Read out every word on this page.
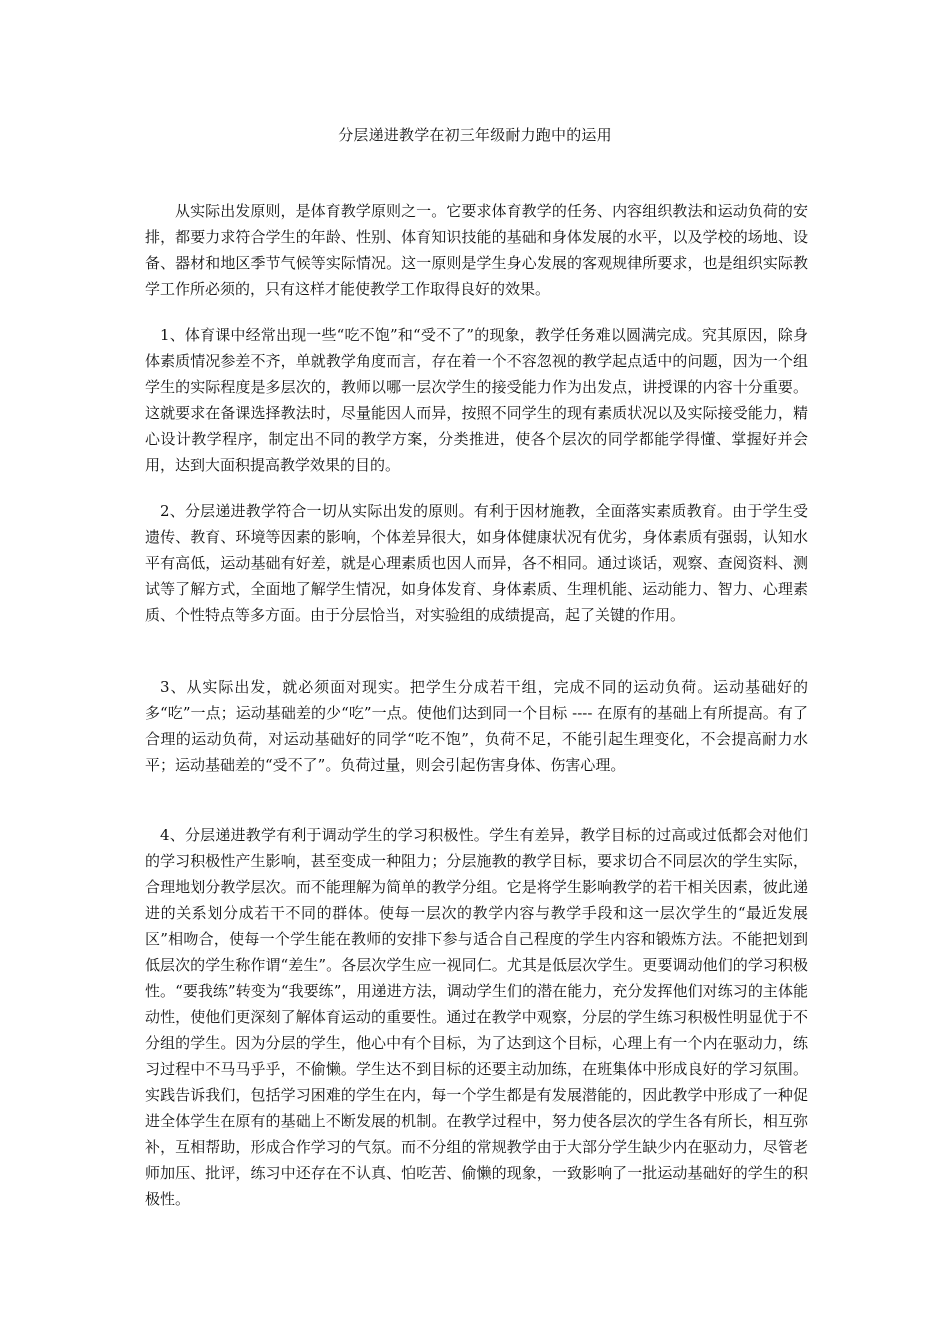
分层递进教学在初三年级耐力跑中的运用

从实际出发原则，是体育教学原则之一。它要求体育教学的任务、内容组织教法和运动负荷的安排，都要力求符合学生的年龄、性别、体育知识技能的基础和身体发展的水平，以及学校的场地、设备、器材和地区季节气候等实际情况。这一原则是学生身心发展的客观规律所要求，也是组织实际教学工作所必须的，只有这样才能使教学工作取得良好的效果。

1、体育课中经常出现一些“吃不饱”和“受不了”的现象，教学任务难以圆满完成。究其原因，除身体素质情况参差不齐，单就教学角度而言，存在着一个不容忽视的教学起点适中的问题，因为一个组学生的实际程度是多层次的，教师以哪一层次学生的接受能力作为出发点，讲授课的内容十分重要。这就要求在备课选择教法时，尽量能因人而异，按照不同学生的现有素质状况以及实际接受能力，精心设计教学程序，制定出不同的教学方案，分类推进，使各个层次的同学都能学得懂、掌握好并会用，达到大面积提高教学效果的目的。

2、分层递进教学符合一切从实际出发的原则。有利于因材施教，全面落实素质教育。由于学生受遗传、教育、环境等因素的影响，个体差异很大，如身体健康状况有优劣，身体素质有强弱，认知水平有高低，运动基础有好差，就是心理素质也因人而异，各不相同。通过谈话，观察、查阅资料、测试等了解方式，全面地了解学生情况，如身体发育、身体素质、生理机能、运动能力、智力、心理素质、个性特点等多方面。由于分层恰当，对实验组的成绩提高，起了关键的作用。

3、从实际出发，就必须面对现实。把学生分成若干组，完成不同的运动负荷。运动基础好的多“吃”一点；运动基础差的少“吃”一点。使他们达到同一个目标 ---- 在原有的基础上有所提高。有了合理的运动负荷，对运动基础好的同学“吃不饱”，负荷不足，不能引起生理变化，不会提高耐力水平；运动基础差的“受不了”。负荷过量，则会引起伤害身体、伤害心理。

4、分层递进教学有利于调动学生的学习积极性。学生有差异，教学目标的过高或过低都会对他们的学习积极性产生影响，甚至变成一种阻力；分层施教的教学目标，要求切合不同层次的学生实际，合理地划分教学层次。而不能理解为简单的教学分组。它是将学生影响教学的若干相关因素，彼此递进的关系划分成若干不同的群体。使每一层次的教学内容与教学手段和这一层次学生的“最近发展区”相吻合，使每一个学生能在教师的安排下参与适合自己程度的学生内容和锻炼方法。不能把划到低层次的学生称作谓“差生”。各层次学生应一视同仁。尤其是低层次学生。更要调动他们的学习积极性。“要我练”转变为“我要练”，用递进方法，调动学生们的潜在能力，充分发挥他们对练习的主体能动性，使他们更深刻了解体育运动的重要性。通过在教学中观察，分层的学生练习积极性明显优于不分组的学生。因为分层的学生，他心中有个目标，为了达到这个目标，心理上有一个内在驱动力，练习过程中不马马乎乎，不偷懒。学生达不到目标的还要主动加练，在班集体中形成良好的学习氛围。实践告诉我们，包括学习困难的学生在内，每一个学生都是有发展潜能的，因此教学中形成了一种促进全体学生在原有的基础上不断发展的机制。在教学过程中，努力使各层次的学生各有所长，相互弥补，互相帮助，形成合作学习的气氛。而不分组的常规教学由于大部分学生缺少内在驱动力，尽管老师加压、批评，练习中还存在不认真、怕吃苦、偷懒的现象，一致影响了一批运动基础好的学生的积极性。
